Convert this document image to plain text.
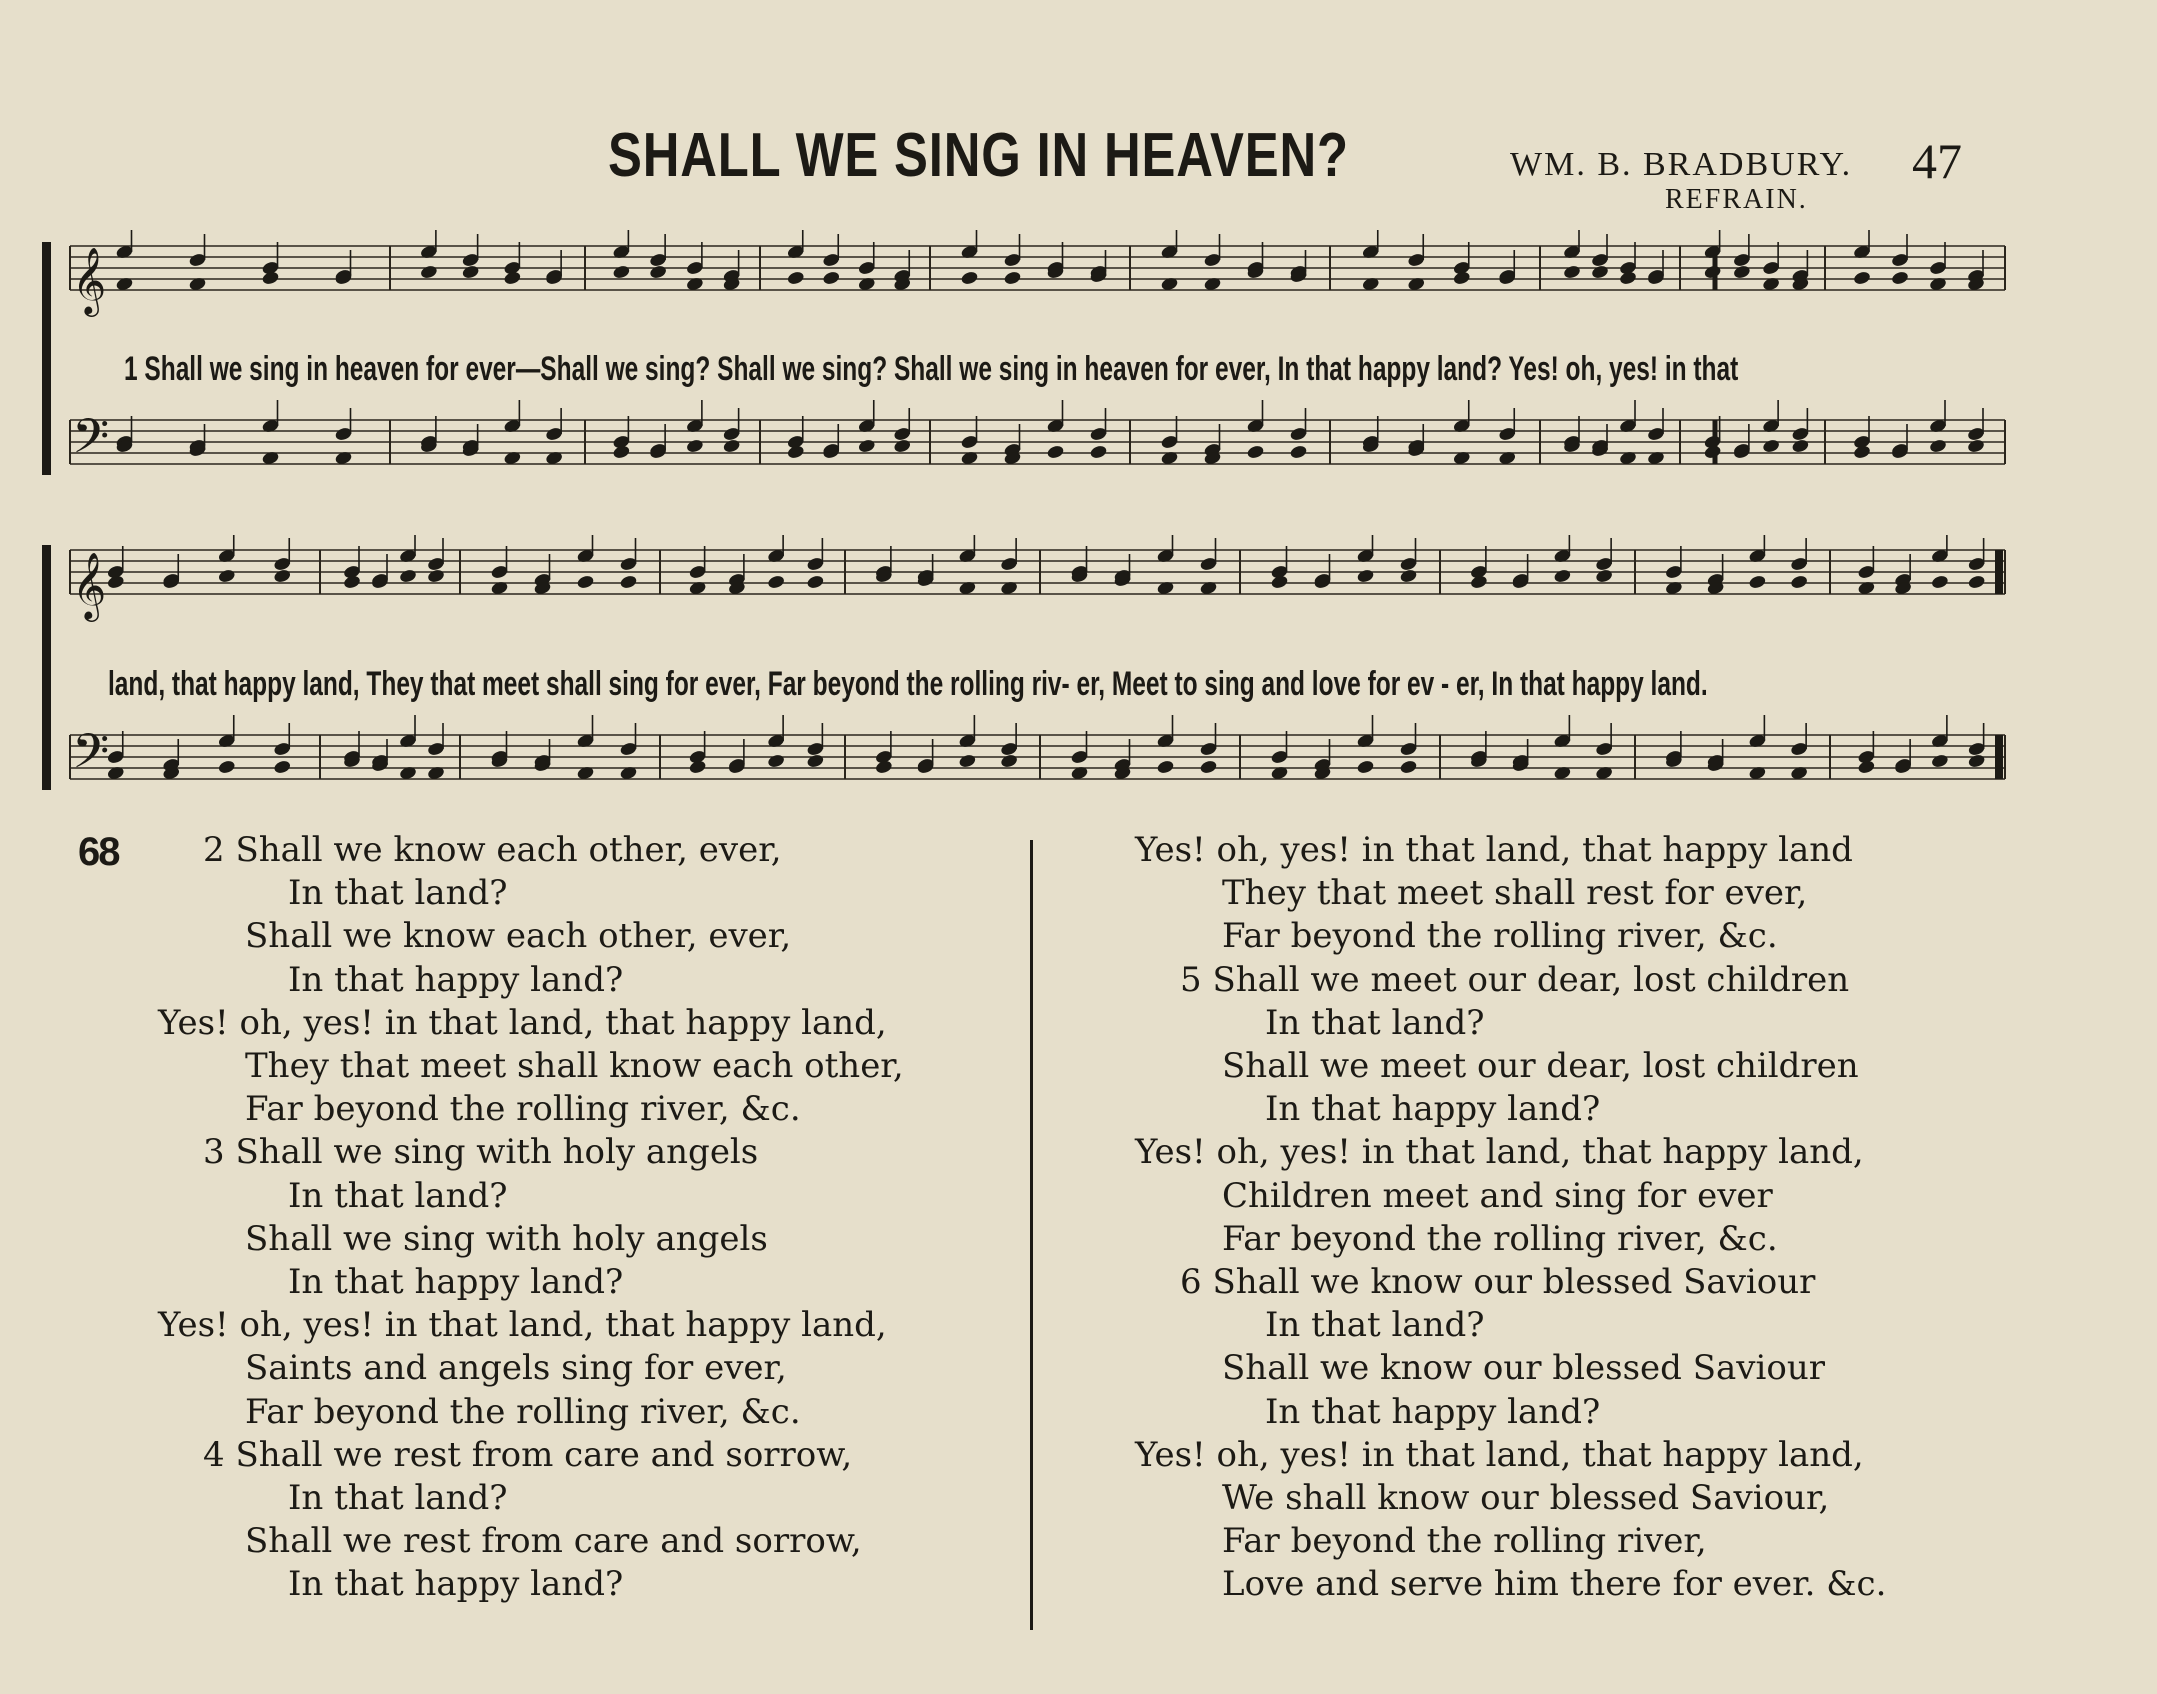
SHALL WE SING IN HEAVEN?	WM. B. BRADBURY. 47
REFRAIN.
𝄞
𝄢
1 Shall we sing in heaven for ever—Shall we sing? Shall we sing? Shall we sing in heaven for ever, In that happy land? Yes! oh, yes! in that
𝄞
𝄢
land, that happy land, They that meet shall sing for ever, Far beyond the rolling riv- er, Meet to sing and love for ev - er, In that happy land.
68 2 Shall we know each other, ever,
In that land?
Shall we know each other, ever,
In that happy land?
Yes! oh, yes! in that land, that happy land,
They that meet shall know each other,
Far beyond the rolling river, &c.
3 Shall we sing with holy angels
In that land?
Shall we sing with holy angels
In that happy land?
Yes! oh, yes! in that land, that happy land,
Saints and angels sing for ever,
Far beyond the rolling river, &c.
4 Shall we rest from care and sorrow,
In that land?
Shall we rest from care and sorrow,
In that happy land?
Yes! oh, yes! in that land, that happy land
They that meet shall rest for ever,
Far beyond the rolling river, &c.
5 Shall we meet our dear, lost children
In that land?
Shall we meet our dear, lost children
In that happy land?
Yes! oh, yes! in that land, that happy land,
Children meet and sing for ever
Far beyond the rolling river, &c.
6 Shall we know our blessed Saviour
In that land?
Shall we know our blessed Saviour
In that happy land?
Yes! oh, yes! in that land, that happy land,
We shall know our blessed Saviour,
Far beyond the rolling river,
Love and serve him there for ever. &c.
